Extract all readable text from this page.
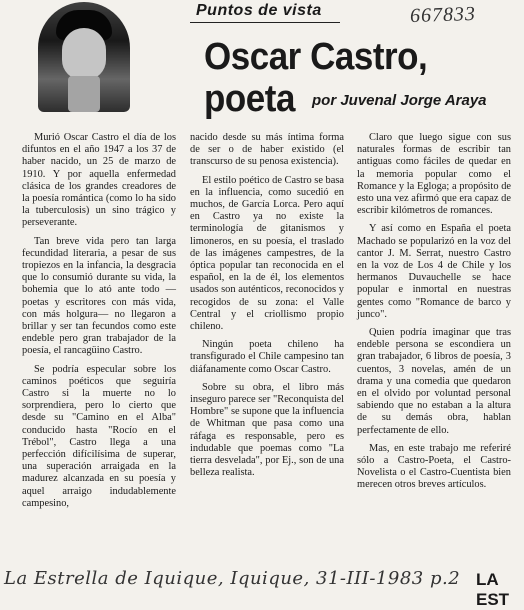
Puntos de vista	667833
Oscar Castro, poeta	por Juvenal Jorge Araya

Murió Oscar Castro el día de los difuntos en el año 1947 a los 37 de haber nacido, un 25 de marzo de 1910. Y por aquella enfermedad clásica de los grandes creadores de la poesía romántica (como lo ha sido la tuberculosis) un sino trágico y perseverante.

Tan breve vida pero tan larga fecundidad literaria, a pesar de sus tropiezos en la infancia, la desgracia que lo consumió durante su vida, la bohemia que lo ató ante todo —poetas y escritores con más vida, con más holgura— no llegaron a brillar y ser tan fecundos como este endeble pero gran trabajador de la poesía, el rancagüino Castro.

Se podría especular sobre los caminos poéticos que seguiría Castro si la muerte no lo sorprendiera, pero lo cierto que desde su "Camino en el Alba" conducido hasta "Rocío en el Trébol", Castro llega a una perfección difícilísima de superar, una superación arraigada en la madurez alcanzada en su poesía y aquel arraigo indudablemente campesino,

nacido desde su más íntima forma de ser o de haber existido (el transcurso de su penosa existencia).

El estilo poético de Castro se basa en la influencia, como sucedió en muchos, de García Lorca. Pero aquí en Castro ya no existe la terminología de gitanismos y limoneros, en su poesía, el traslado de las imágenes campestres, de la óptica popular tan reconocida en el español, en la de él, los elementos usados son auténticos, reconocidos y recogidos de su zona: el Valle Central y el criollismo propio chileno.

Ningún poeta chileno ha transfigurado el Chile campesino tan diáfanamente como Oscar Castro.

Sobre su obra, el libro más inseguro parece ser "Reconquista del Hombre" se supone que la influencia de Whitman que pasa como una ráfaga es responsable, pero es indudable que poemas como "La tierra desvelada", por Ej., son de una belleza realista.

Claro que luego sigue con sus naturales formas de escribir tan antiguas como fáciles de quedar en la memoria popular como el Romance y la Egloga; a propósito de esto una vez afirmó que era capaz de escribir kilómetros de romances.

Y así como en España el poeta Machado se popularizó en la voz del cantor J. M. Serrat, nuestro Castro en la voz de Los 4 de Chile y los hermanos Duvauchelle se hace popular e inmortal en nuestras gentes como "Romance de barco y junco".

Quien podría imaginar que tras endeble persona se escondiera un gran trabajador, 6 libros de poesía, 3 cuentos, 3 novelas, amén de un drama y una comedia que quedaron en el olvido por voluntad personal sabiendo que no estaban a la altura de su demás obra, hablan perfectamente de ello.

Mas, en este trabajo me referiré sólo a Castro-Poeta, el Castro-Novelista o el Castro-Cuentista bien merecen otros breves artículos.

La Estrella de Iquique, Iquique, 31-III-1983 p.2 LA EST
